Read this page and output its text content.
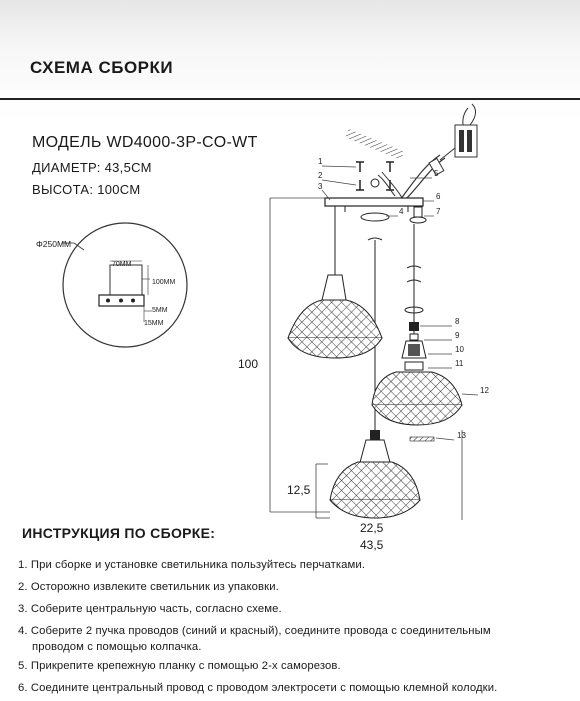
СХЕМА СБОРКИ
МОДЕЛЬ WD4000-3P-CO-WT
ДИАМЕТР: 43,5СМ
ВЫСОТА: 100СМ
Φ250MM
70MM
100MM
5MM
15MM
1
2
3
4
5
6
7
8
9
10
11
12
13
100
12,5
22,5
43,5
ИНСТРУКЦИЯ ПО СБОРКЕ:
1. При сборке и установке светильника пользуйтесь перчатками.
2. Осторожно извлеките светильник из упаковки.
3. Соберите центральную часть, согласно схеме.
4. Соберите 2 пучка проводов (синий и красный), соедините провода с соединительным
проводом с помощью колпачка.
5. Прикрепите крепежную планку с помощью 2-х саморезов.
6. Соедините центральный провод с проводом электросети с помощью клемной колодки.
